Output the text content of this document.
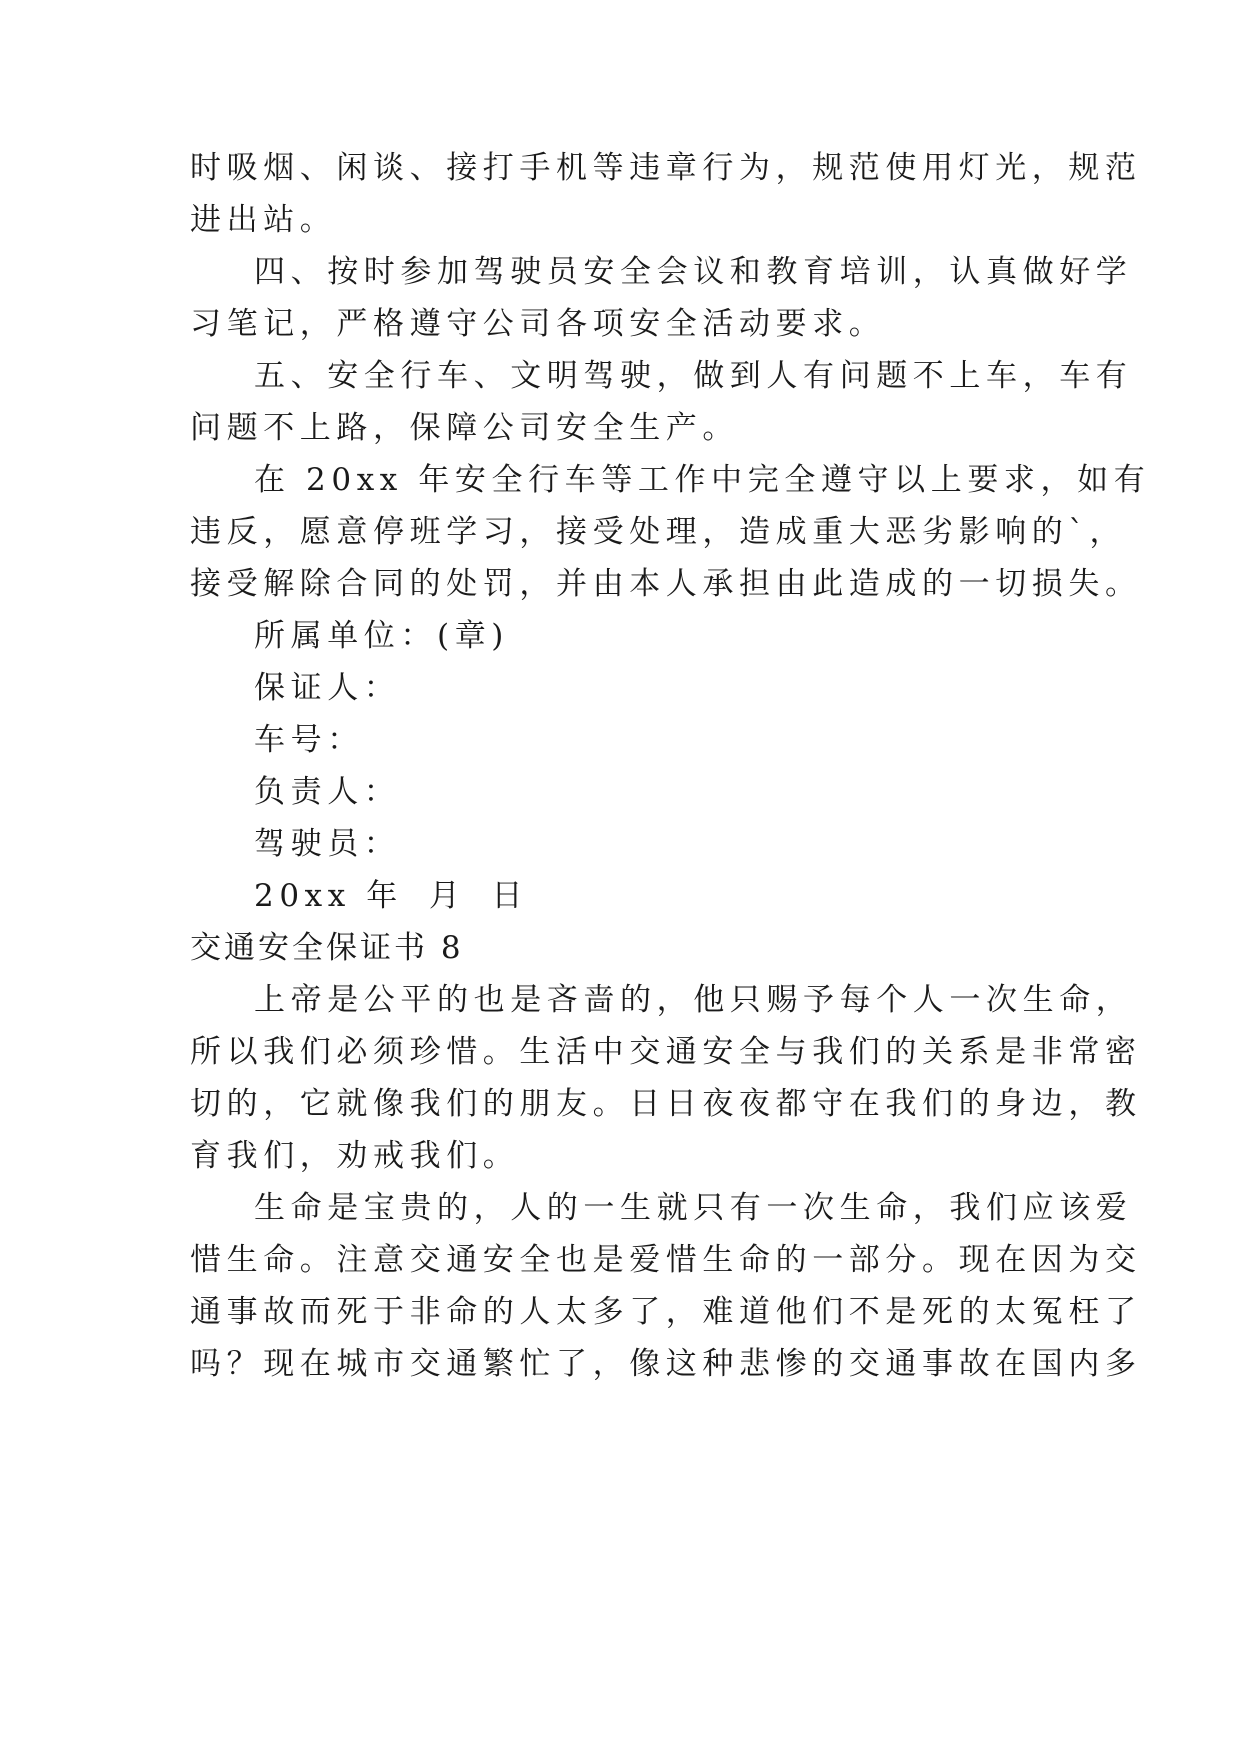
时吸烟、闲谈、接打手机等违章行为，规范使用灯光，规范
进出站。
四、按时参加驾驶员安全会议和教育培训，认真做好学
习笔记，严格遵守公司各项安全活动要求。
五、安全行车、文明驾驶，做到人有问题不上车，车有
问题不上路，保障公司安全生产。
在 20xx 年安全行车等工作中完全遵守以上要求，如有
违反，愿意停班学习，接受处理，造成重大恶劣影响的`，
接受解除合同的处罚，并由本人承担由此造成的一切损失。
所属单位：(章)
保证人：
车号：
负责人：
驾驶员：
20xx 年 月 日
交通安全保证书 8
上帝是公平的也是吝啬的，他只赐予每个人一次生命，
所以我们必须珍惜。生活中交通安全与我们的关系是非常密
切的，它就像我们的朋友。日日夜夜都守在我们的身边，教
育我们，劝戒我们。
生命是宝贵的，人的一生就只有一次生命，我们应该爱
惜生命。注意交通安全也是爱惜生命的一部分。现在因为交
通事故而死于非命的人太多了，难道他们不是死的太冤枉了
吗？现在城市交通繁忙了，像这种悲惨的交通事故在国内多
